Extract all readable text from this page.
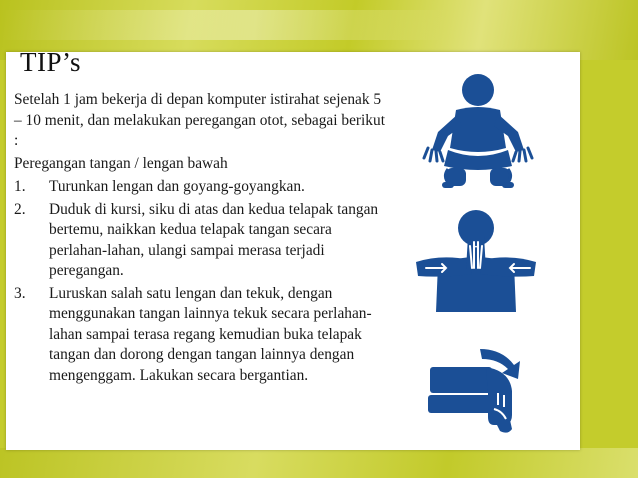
TIP’s

Setelah 1 jam bekerja di depan komputer istirahat sejenak 5 – 10 menit, dan melakukan peregangan otot, sebagai berikut :

Peregangan tangan / lengan bawah

1.	Turunkan lengan dan goyang-goyangkan.
2.	Duduk di kursi, siku di atas dan kedua telapak tangan bertemu, naikkan kedua telapak tangan secara perlahan-lahan, ulangi sampai merasa terjadi peregangan.
3.	Luruskan salah satu lengan dan tekuk, dengan menggunakan tangan lainnya tekuk secara perlahan-lahan sampai terasa regang kemudian buka telapak tangan dan dorong dengan tangan lainnya dengan mengenggam. Lakukan secara bergantian.
